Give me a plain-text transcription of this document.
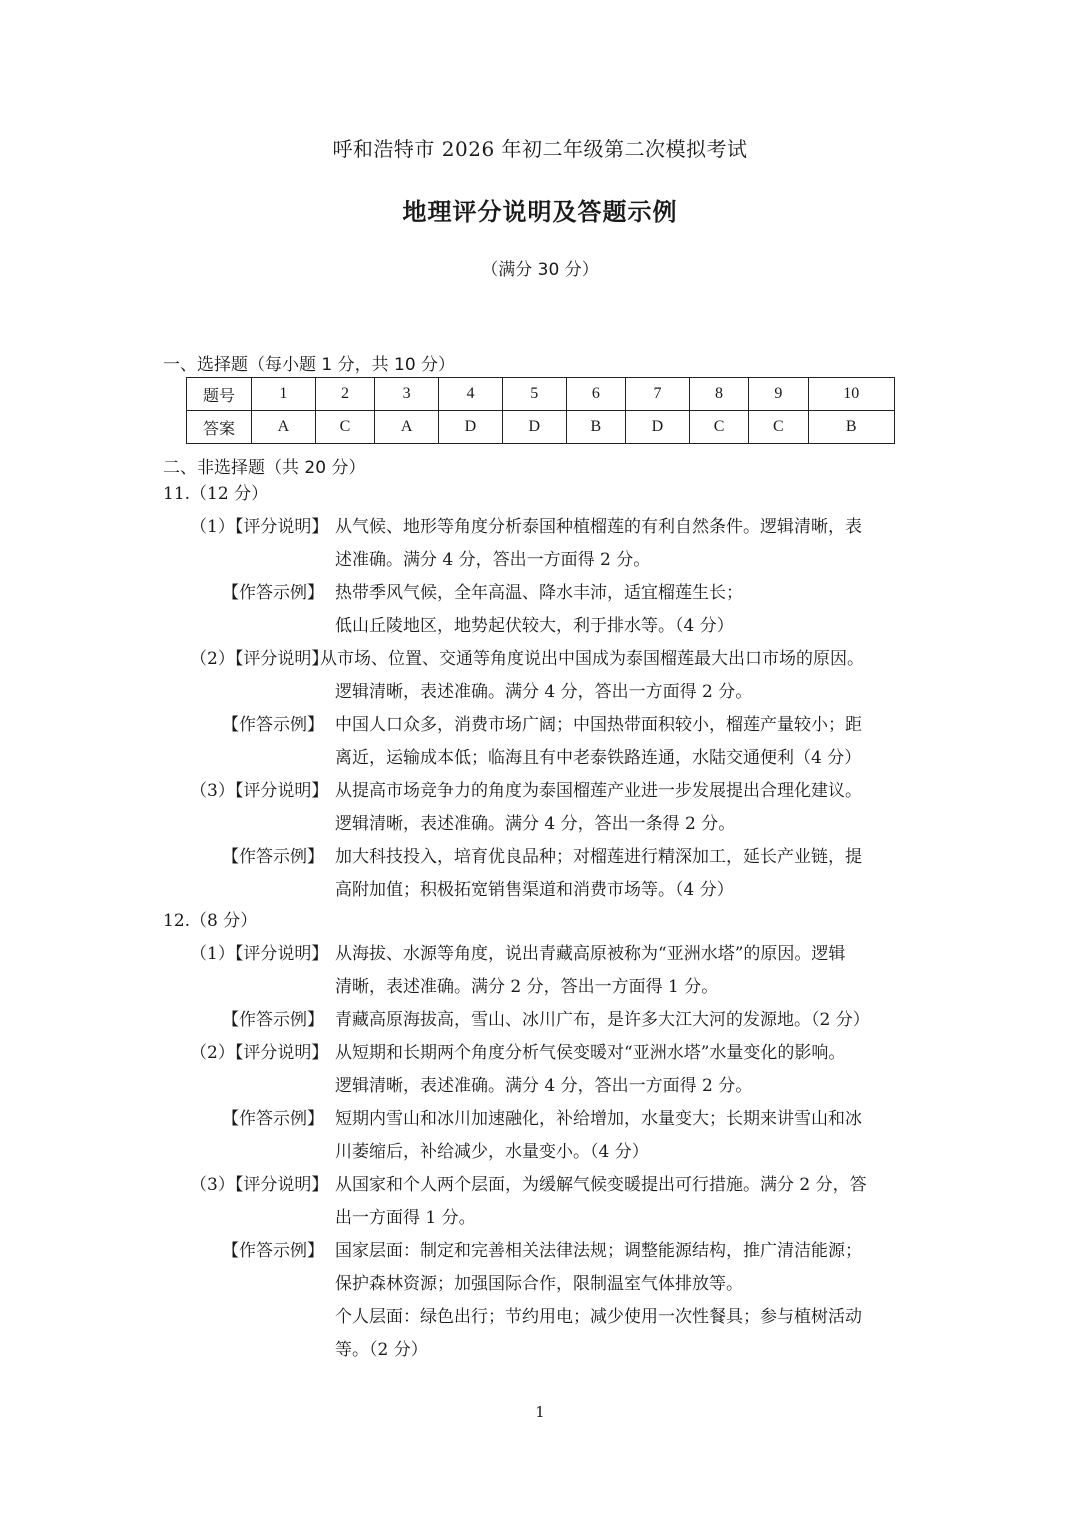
呼和浩特市 2026 年初二年级第二次模拟考试
地理评分说明及答题示例
（满分 30 分）
一、选择题（每小题 1 分，共 10 分）
题号	1	2	3	4	5	6	7	8	9	10
答案	A	C	A	D	D	B	D	C	C	B
二、非选择题（共 20 分）
11.（12 分）
（1）【评分说明】 从气候、地形等角度分析泰国种植榴莲的有利自然条件。逻辑清晰，表
述准确。满分 4 分，答出一方面得 2 分。
【作答示例】 热带季风气候，全年高温、降水丰沛，适宜榴莲生长；
低山丘陵地区，地势起伏较大，利于排水等。（4 分）
（2）【评分说明】
从市场、位置、交通等角度说出中国成为泰国榴莲最大出口市场的原因。
逻辑清晰，表述准确。满分 4 分，答出一方面得 2 分。
【作答示例】 中国人口众多，消费市场广阔；中国热带面积较小，榴莲产量较小；距
离近，运输成本低；临海且有中老泰铁路连通，水陆交通便利（4 分）
（3）【评分说明】 从提高市场竞争力的角度为泰国榴莲产业进一步发展提出合理化建议。
逻辑清晰，表述准确。满分 4 分，答出一条得 2 分。
【作答示例】 加大科技投入，培育优良品种；对榴莲进行精深加工，延长产业链，提
高附加值；积极拓宽销售渠道和消费市场等。（4 分）
12.（8 分）
（1）【评分说明】 从海拔、水源等角度，说出青藏高原被称为“亚洲水塔”的原因。逻辑
清晰，表述准确。满分 2 分，答出一方面得 1 分。
【作答示例】 青藏高原海拔高，雪山、冰川广布，是许多大江大河的发源地。（2 分）
（2）【评分说明】 从短期和长期两个角度分析气侯变暖对“亚洲水塔”水量变化的影响。
逻辑清晰，表述准确。满分 4 分，答出一方面得 2 分。
【作答示例】 短期内雪山和冰川加速融化，补给增加，水量变大；长期来讲雪山和冰
川萎缩后，补给减少，水量变小。（4 分）
（3）【评分说明】 从国家和个人两个层面，为缓解气候变暖提出可行措施。满分 2 分，答
出一方面得 1 分。
【作答示例】 国家层面：制定和完善相关法律法规；调整能源结构，推广清洁能源；
保护森林资源；加强国际合作，限制温室气体排放等。
个人层面：绿色出行；节约用电；减少使用一次性餐具；参与植树活动
等。（2 分）
1
